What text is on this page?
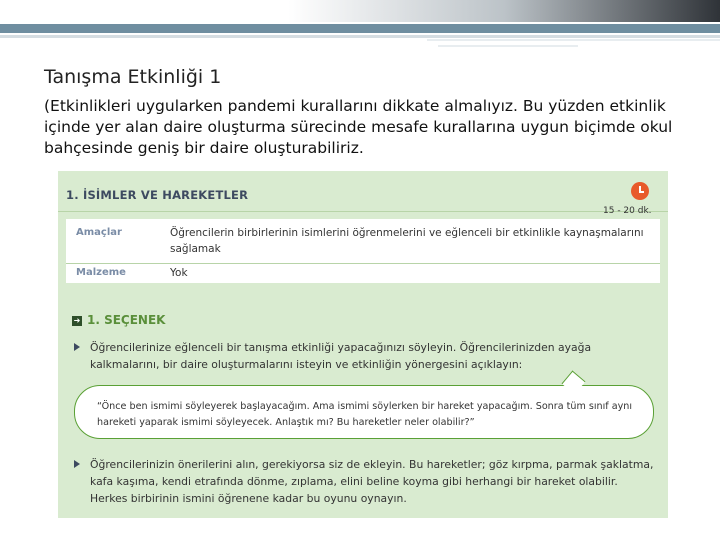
Tanışma Etkinliği 1

(Etkinlikleri uygularken pandemi kurallarını dikkate almalıyız. Bu yüzden etkinlik içinde yer alan daire oluşturma sürecinde mesafe kurallarına uygun biçimde okul bahçesinde geniş bir daire oluşturabiliriz.

1. İSİMLER VE HAREKETLER
15 - 20 dk.
Amaçlar	Öğrencilerin birbirlerinin isimlerini öğrenmelerini ve eğlenceli bir etkinlikle kaynaşmalarını sağlamak
Malzeme	Yok
➜ 1. SEÇENEK
Öğrencilerinize eğlenceli bir tanışma etkinliği yapacağınızı söyleyin. Öğrencilerinizden ayağa kalkmalarını, bir daire oluşturmalarını isteyin ve etkinliğin yönergesini açıklayın:
“Önce ben ismimi söyleyerek başlayacağım. Ama ismimi söylerken bir hareket yapacağım. Sonra tüm sınıf aynı hareketi yaparak ismimi söyleyecek. Anlaştık mı? Bu hareketler neler olabilir?”
Öğrencilerinizin önerilerini alın, gerekiyorsa siz de ekleyin. Bu hareketler; göz kırpma, parmak şaklatma, kafa kaşıma, kendi etrafında dönme, zıplama, elini beline koyma gibi herhangi bir hareket olabilir. Herkes birbirinin ismini öğrenene kadar bu oyunu oynayın.
